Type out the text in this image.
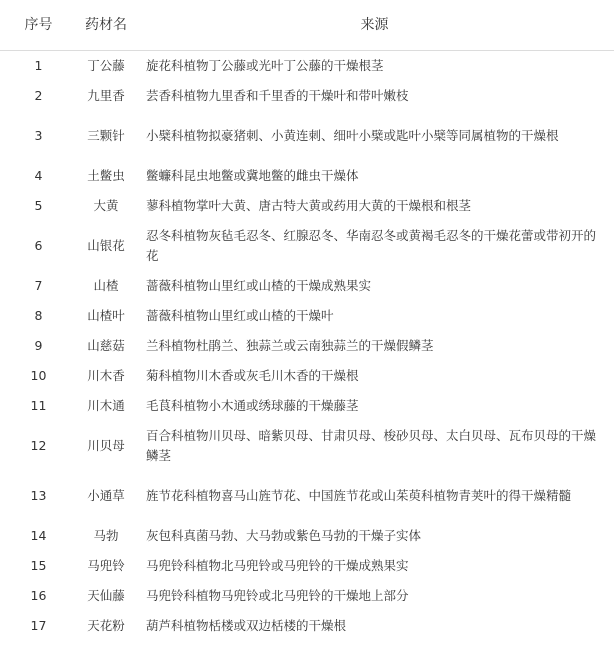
序号	药材名	来源
1	丁公藤	旋花科植物丁公藤或光叶丁公藤的干燥根茎
2	九里香	芸香科植物九里香和千里香的干燥叶和带叶嫩枝
3	三颗针	小檗科植物拟豪猪刺、小黄连刺、细叶小檗或匙叶小檗等同属植物的干燥根
4	土鳖虫	鳖蠊科昆虫地鳖或冀地鳖的雌虫干燥体
5	大黄	蓼科植物掌叶大黄、唐古特大黄或药用大黄的干燥根和根茎
6	山银花	忍冬科植物灰毡毛忍冬、红腺忍冬、华南忍冬或黄褐毛忍冬的干燥花蕾或带初开的花
7	山楂	蔷薇科植物山里红或山楂的干燥成熟果实
8	山楂叶	蔷薇科植物山里红或山楂的干燥叶
9	山慈菇	兰科植物杜鹃兰、独蒜兰或云南独蒜兰的干燥假鳞茎
10	川木香	菊科植物川木香或灰毛川木香的干燥根
11	川木通	毛茛科植物小木通或绣球藤的干燥藤茎
12	川贝母	百合科植物川贝母、暗紫贝母、甘肃贝母、梭砂贝母、太白贝母、瓦布贝母的干燥鳞茎
13	小通草	旌节花科植物喜马山旌节花、中国旌节花或山茱萸科植物青荚叶的得干燥精髓
14	马勃	灰包科真菌马勃、大马勃或紫色马勃的干燥子实体
15	马兜铃	马兜铃科植物北马兜铃或马兜铃的干燥成熟果实
16	天仙藤	马兜铃科植物马兜铃或北马兜铃的干燥地上部分
17	天花粉	葫芦科植物栝楼或双边栝楼的干燥根
